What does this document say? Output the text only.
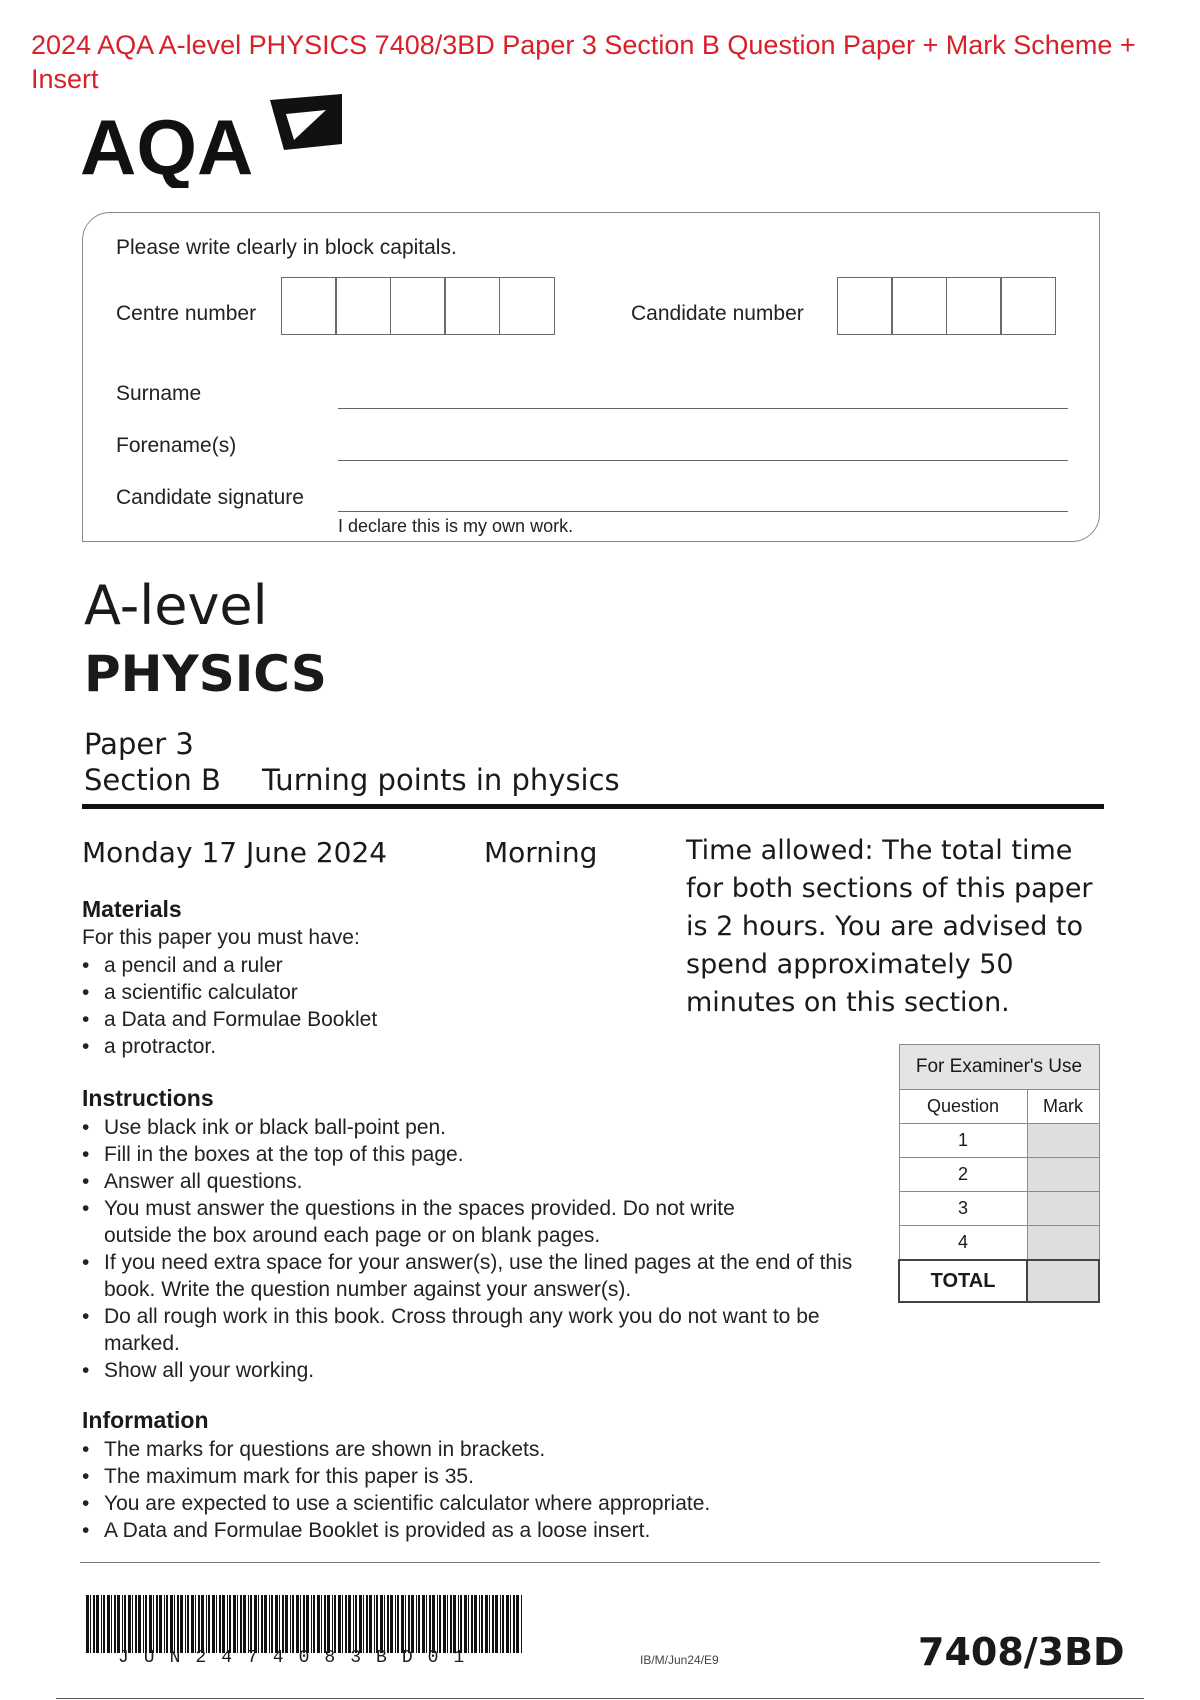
2024 AQA A-level PHYSICS 7408/3BD Paper 3 Section B Question Paper + Mark Scheme + Insert
AQA
Please write clearly in block capitals.
Centre number	Candidate number
Surname
Forename(s)
Candidate signature
I declare this is my own work.
A-level
PHYSICS
Paper 3
Section B Turning points in physics
Monday 17 June 2024	Morning	Time allowed: The total time for both sections of this paper is 2 hours. You are advised to spend approximately 50 minutes on this section.
Materials
For this paper you must have:
• a pencil and a ruler
• a scientific calculator
• a Data and Formulae Booklet
• a protractor.
Instructions
• Use black ink or black ball-point pen.
• Fill in the boxes at the top of this page.
• Answer all questions.
• You must answer the questions in the spaces provided. Do not write outside the box around each page or on blank pages.
• If you need extra space for your answer(s), use the lined pages at the end of this book. Write the question number against your answer(s).
• Do all rough work in this book. Cross through any work you do not want to be marked.
• Show all your working.
Information
• The marks for questions are shown in brackets.
• The maximum mark for this paper is 35.
• You are expected to use a scientific calculator where appropriate.
• A Data and Formulae Booklet is provided as a loose insert.
For Examiner's Use	
Question	Mark
1	
2	
3	
4	
TOTAL	
JUN2474083BD01	IB/M/Jun24/E9	7408/3BD
